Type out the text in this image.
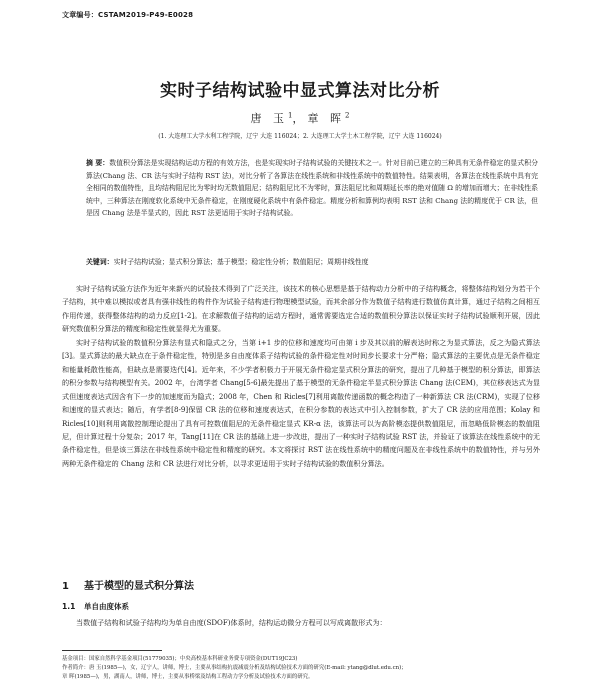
文章编号：CSTAM2019-P49-E0028
实时子结构试验中显式算法对比分析
唐 玉$^1$，章 晖$^2$
(1. 大连理工大学水利工程学院，辽宁 大连 116024；2. 大连理工大学土木工程学院，辽宁 大连 116024)
摘 要：数值积分算法是实现结构运动方程的有效方法，也是实现实时子结构试验的关键技术之一。针对目前已建立的三种具有无条件稳定的显式积分算法(Chang 法、CR 法与实时子结构 RST 法)，对比分析了各算法在线性系统和非线性系统中的数值特性。结果表明，各算法在线性系统中具有完全相同的数值特性，且均结构阻尼比为零时均无数值阻尼；结构阻尼比不为零时，算法阻尼比和周期延长率的绝对值随 Ω 的增加而增大；在非线性系统中，三种算法在刚度软化系统中无条件稳定，在刚度硬化系统中有条件稳定。精度分析和算例均表明 RST 法和 Chang 法的精度优于 CR 法，但是因 Chang 法是半显式的，因此 RST 法更适用于实时子结构试验。
关键词：实时子结构试验；显式积分算法；基于模型；稳定性分析；数值阻尼；周期非线性度

实时子结构试验方法作为近年来新兴的试验技术得到了广泛关注，该技术的核心思想是基于结构动力分析中的子结构概念，将整体结构划分为若干个子结构，其中难以模拟或者具有强非线性的构件作为试验子结构进行物理模型试验，而其余部分作为数值子结构进行数值仿真计算，通过子结构之间相互作用传递，获得整体结构的动力反应[1-2]。在求解数值子结构的运动方程时，通常需要选定合适的数值积分算法以保证实时子结构试验顺利开展，因此研究数值积分算法的精度和稳定性就显得尤为重要。

实时子结构试验的数值积分算法有显式和隐式之分，当第 i+1 步的位移和速度均可由第 i 步及其以前的解表达时称之为显式算法，反之为隐式算法[3]。显式算法的最大缺点在于条件稳定性，特别是多自由度体系子结构试验的条件稳定性对时间步长要求十分严格；隐式算法的主要优点是无条件稳定和能量耗散性能高，但缺点是需要迭代[4]。近年来，不少学者积极力于开展无条件稳定显式积分算法的研究，提出了几种基于模型的积分算法，即算法的积分参数与结构模型有关。2002 年，台湾学者 Chang[5-6]最先提出了基于模型的无条件稳定半显式积分算法 Chang 法(CEM)，其位移表达式为显式但速度表达式因含有下一步的加速度而为隐式；2008 年，Chen 和 Ricles[7]利用离散传递函数的概念构造了一种新算法 CR 法(CRM)，实现了位移和速度的显式表达；随后，有学者[8-9]保留 CR 法的位移和速度表达式，在积分参数的表达式中引入控制参数，扩大了 CR 法的应用范围；Kolay 和 Ricles[10]则利用离散控制理论提出了具有可控数值阻尼的无条件稳定显式 KR-α 法，该算法可以为高阶模态提供数值阻尼，而忽略低阶模态的数值阻尼，但计算过程十分复杂；2017 年，Tang[11]在 CR 法的基础上进一步改进，提出了一种实时子结构试验 RST 法，并验证了该算法在线性系统中的无条件稳定性，但是该三算法在非线性系统中稳定性和精度的研究。本文将探讨 RST 法在线性系统中的精度问题及在非线性系统中的数值特性，并与另外两种无条件稳定的 Chang 法和 CR 法进行对比分析，以寻求更适用于实时子结构试验的数值积分算法。

1 基于模型的显式积分算法
1.1 单自由度体系
当数值子结构和试验子结构均为单自由度(SDOF)体系时，结构运动微分方程可以写成离散形式为：
基金项目：国家自然科学基金项目(51779035)；中央高校基本科研业务费专项资金(DUT19JC23)
作者简介：唐 玉(1985—)，女，辽宁人，讲师，博士，主要从事结构抗震减震分析及结构试验技术方面的研究(E-mail: ytang@dlut.edu.cn)；
章 晖(1985—)，男，湖南人，讲师，博士，主要从事桥梁及结构工程动力学分析及试验技术方面的研究。
